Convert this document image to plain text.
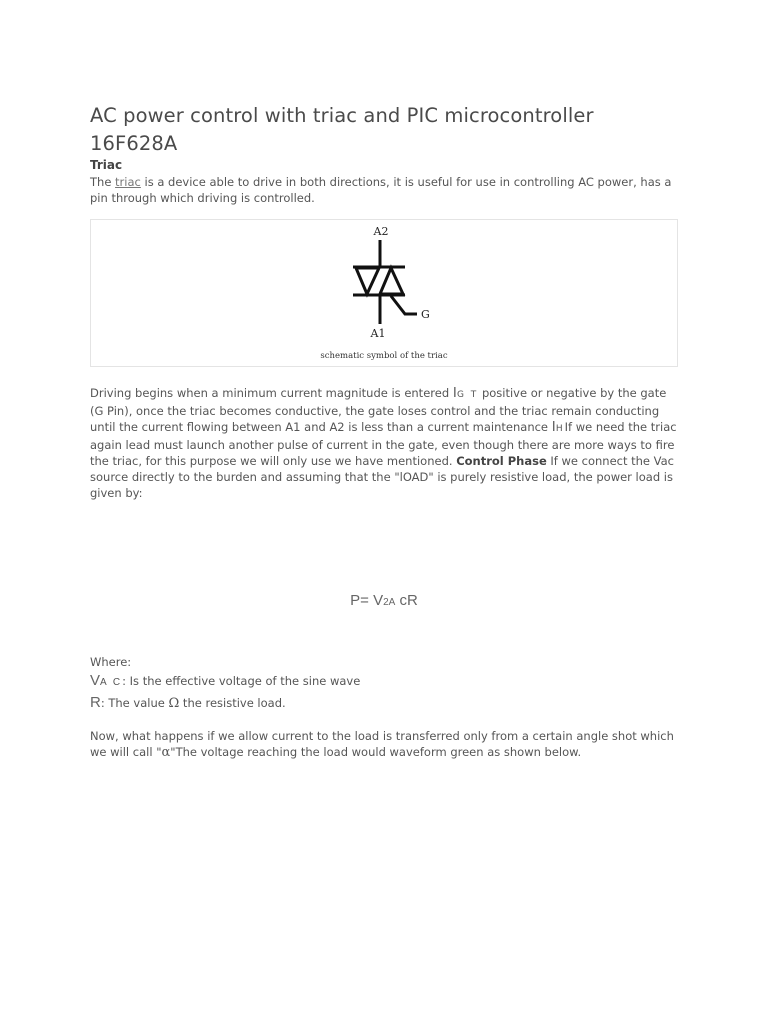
AC power control with triac and PIC microcontroller 16F628A
Triac

The triac is a device able to drive in both directions, it is useful for use in controlling AC power, has a pin through which driving is controlled.

A2
G
A1
schematic symbol of the triac

Driving begins when a minimum current magnitude is entered IG T positive or negative by the gate (G Pin), once the triac becomes conductive, the gate loses control and the triac remain conducting until the current flowing between A1 and A2 is less than a current maintenance IHIf we need the triac again lead must launch another pulse of current in the gate, even though there are more ways to fire the triac, for this purpose we will only use we have mentioned. Control Phase If we connect the Vac source directly to the burden and assuming that the "lOAD" is purely resistive load, the power load is given by:

P= V2A cR

Where:

VA C: Is the effective voltage of the sine wave
R: The value Ω the resistive load.

Now, what happens if we allow current to the load is transferred only from a certain angle shot which we will call "α"The voltage reaching the load would waveform green as shown below.
